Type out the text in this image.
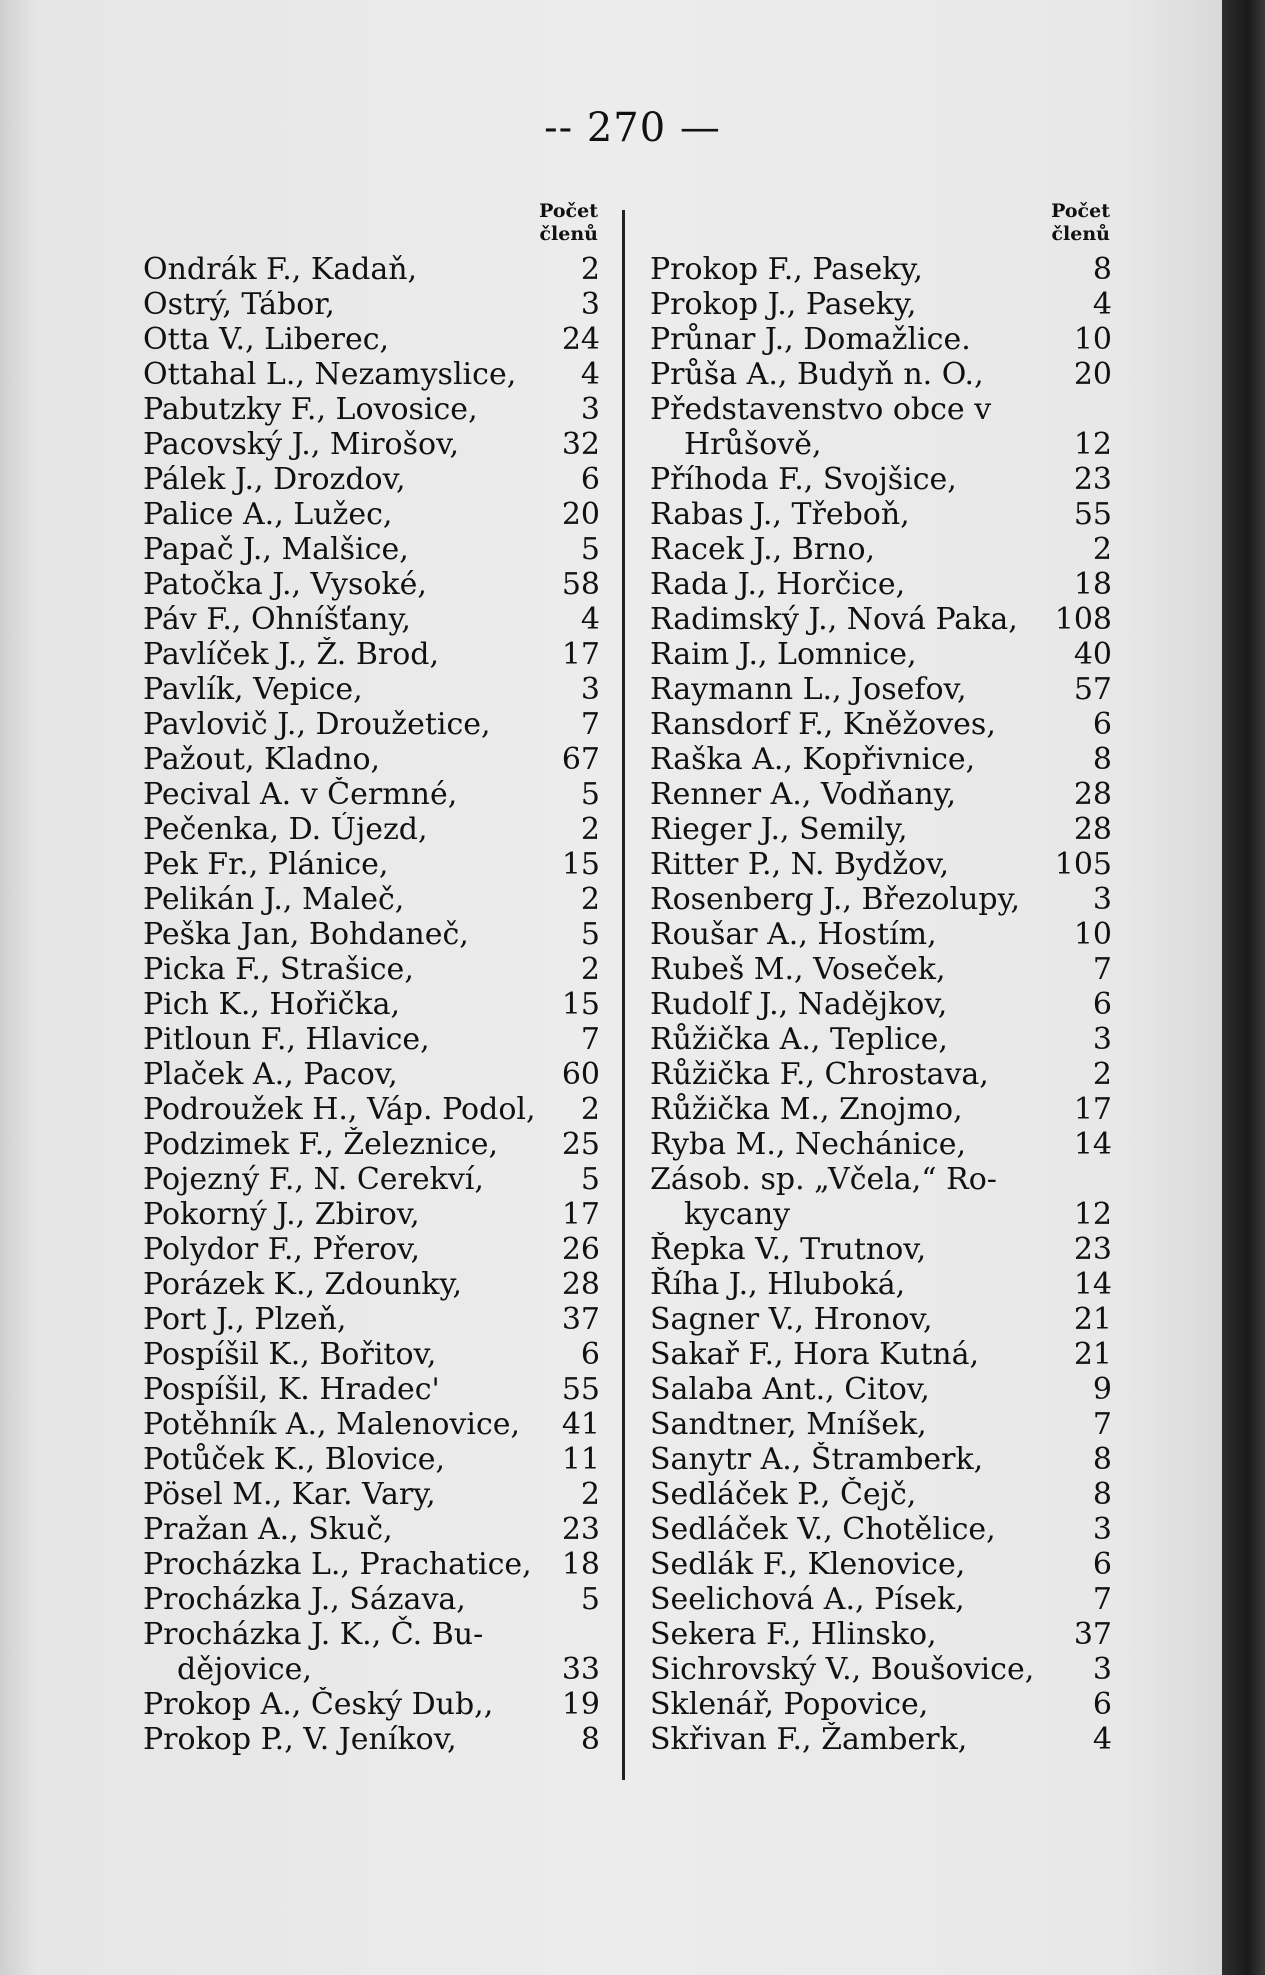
-- 270 —
Počet
členů
Ondrák F., Kadaň,	2
Ostrý, Tábor,	3
Otta V., Liberec,	24
Ottahal L., Nezamyslice,	4
Pabutzky F., Lovosice,	3
Pacovský J., Mirošov,	32
Pálek J., Drozdov,	6
Palice A., Lužec,	20
Papač J., Malšice,	5
Patočka J., Vysoké,	58
Páv F., Ohníšťany,	4
Pavlíček J., Ž. Brod,	17
Pavlík, Vepice,	3
Pavlovič J., Droužetice,	7
Pažout, Kladno,	67
Pecival A. v Čermné,	5
Pečenka, D. Újezd,	2
Pek Fr., Plánice,	15
Pelikán J., Maleč,	2
Peška Jan, Bohdaneč,	5
Picka F., Strašice,	2
Pich K., Hořička,	15
Pitloun F., Hlavice,	7
Plaček A., Pacov,	60
Podroužek H., Váp. Podol,	2
Podzimek F., Železnice,	25
Pojezný F., N. Cerekví,	5
Pokorný J., Zbirov,	17
Polydor F., Přerov,	26
Porázek K., Zdounky,	28
Port J., Plzeň,	37
Pospíšil K., Bořitov,	6
Pospíšil, K. Hradec'	55
Potěhník A., Malenovice,	41
Potůček K., Blovice,	11
Pösel M., Kar. Vary,	2
Pražan A., Skuč,	23
Procházka L., Prachatice,	18
Procházka J., Sázava,	5
Procházka J. K., Č. Bu-
dějovice,	33
Prokop A., Český Dub,,	19
Prokop P., V. Jeníkov,	8
Počet
členů
Prokop F., Paseky,	8
Prokop J., Paseky,	4
Průnar J., Domažlice.	10
Průša A., Budyň n. O.,	20
Představenstvo obce v
Hrůšově,	12
Příhoda F., Svojšice,	23
Rabas J., Třeboň,	55
Racek J., Brno,	2
Rada J., Horčice,	18
Radimský J., Nová Paka,	108
Raim J., Lomnice,	40
Raymann L., Josefov,	57
Ransdorf F., Kněžoves,	6
Raška A., Kopřivnice,	8
Renner A., Vodňany,	28
Rieger J., Semily,	28
Ritter P., N. Bydžov,	105
Rosenberg J., Březolupy,	3
Roušar A., Hostím,	10
Rubeš M., Voseček,	7
Rudolf J., Nadějkov,	6
Růžička A., Teplice,	3
Růžička F., Chrostava,	2
Růžička M., Znojmo,	17
Ryba M., Nechánice,	14
Zásob. sp. „Včela,“ Ro-
kycany	12
Řepka V., Trutnov,	23
Říha J., Hluboká,	14
Sagner V., Hronov,	21
Sakař F., Hora Kutná,	21
Salaba Ant., Citov,	9
Sandtner, Mníšek,	7
Sanytr A., Štramberk,	8
Sedláček P., Čejč,	8
Sedláček V., Chotělice,	3
Sedlák F., Klenovice,	6
Seelichová A., Písek,	7
Sekera F., Hlinsko,	37
Sichrovský V., Boušovice,	3
Sklenář, Popovice,	6
Skřivan F., Žamberk,	4
